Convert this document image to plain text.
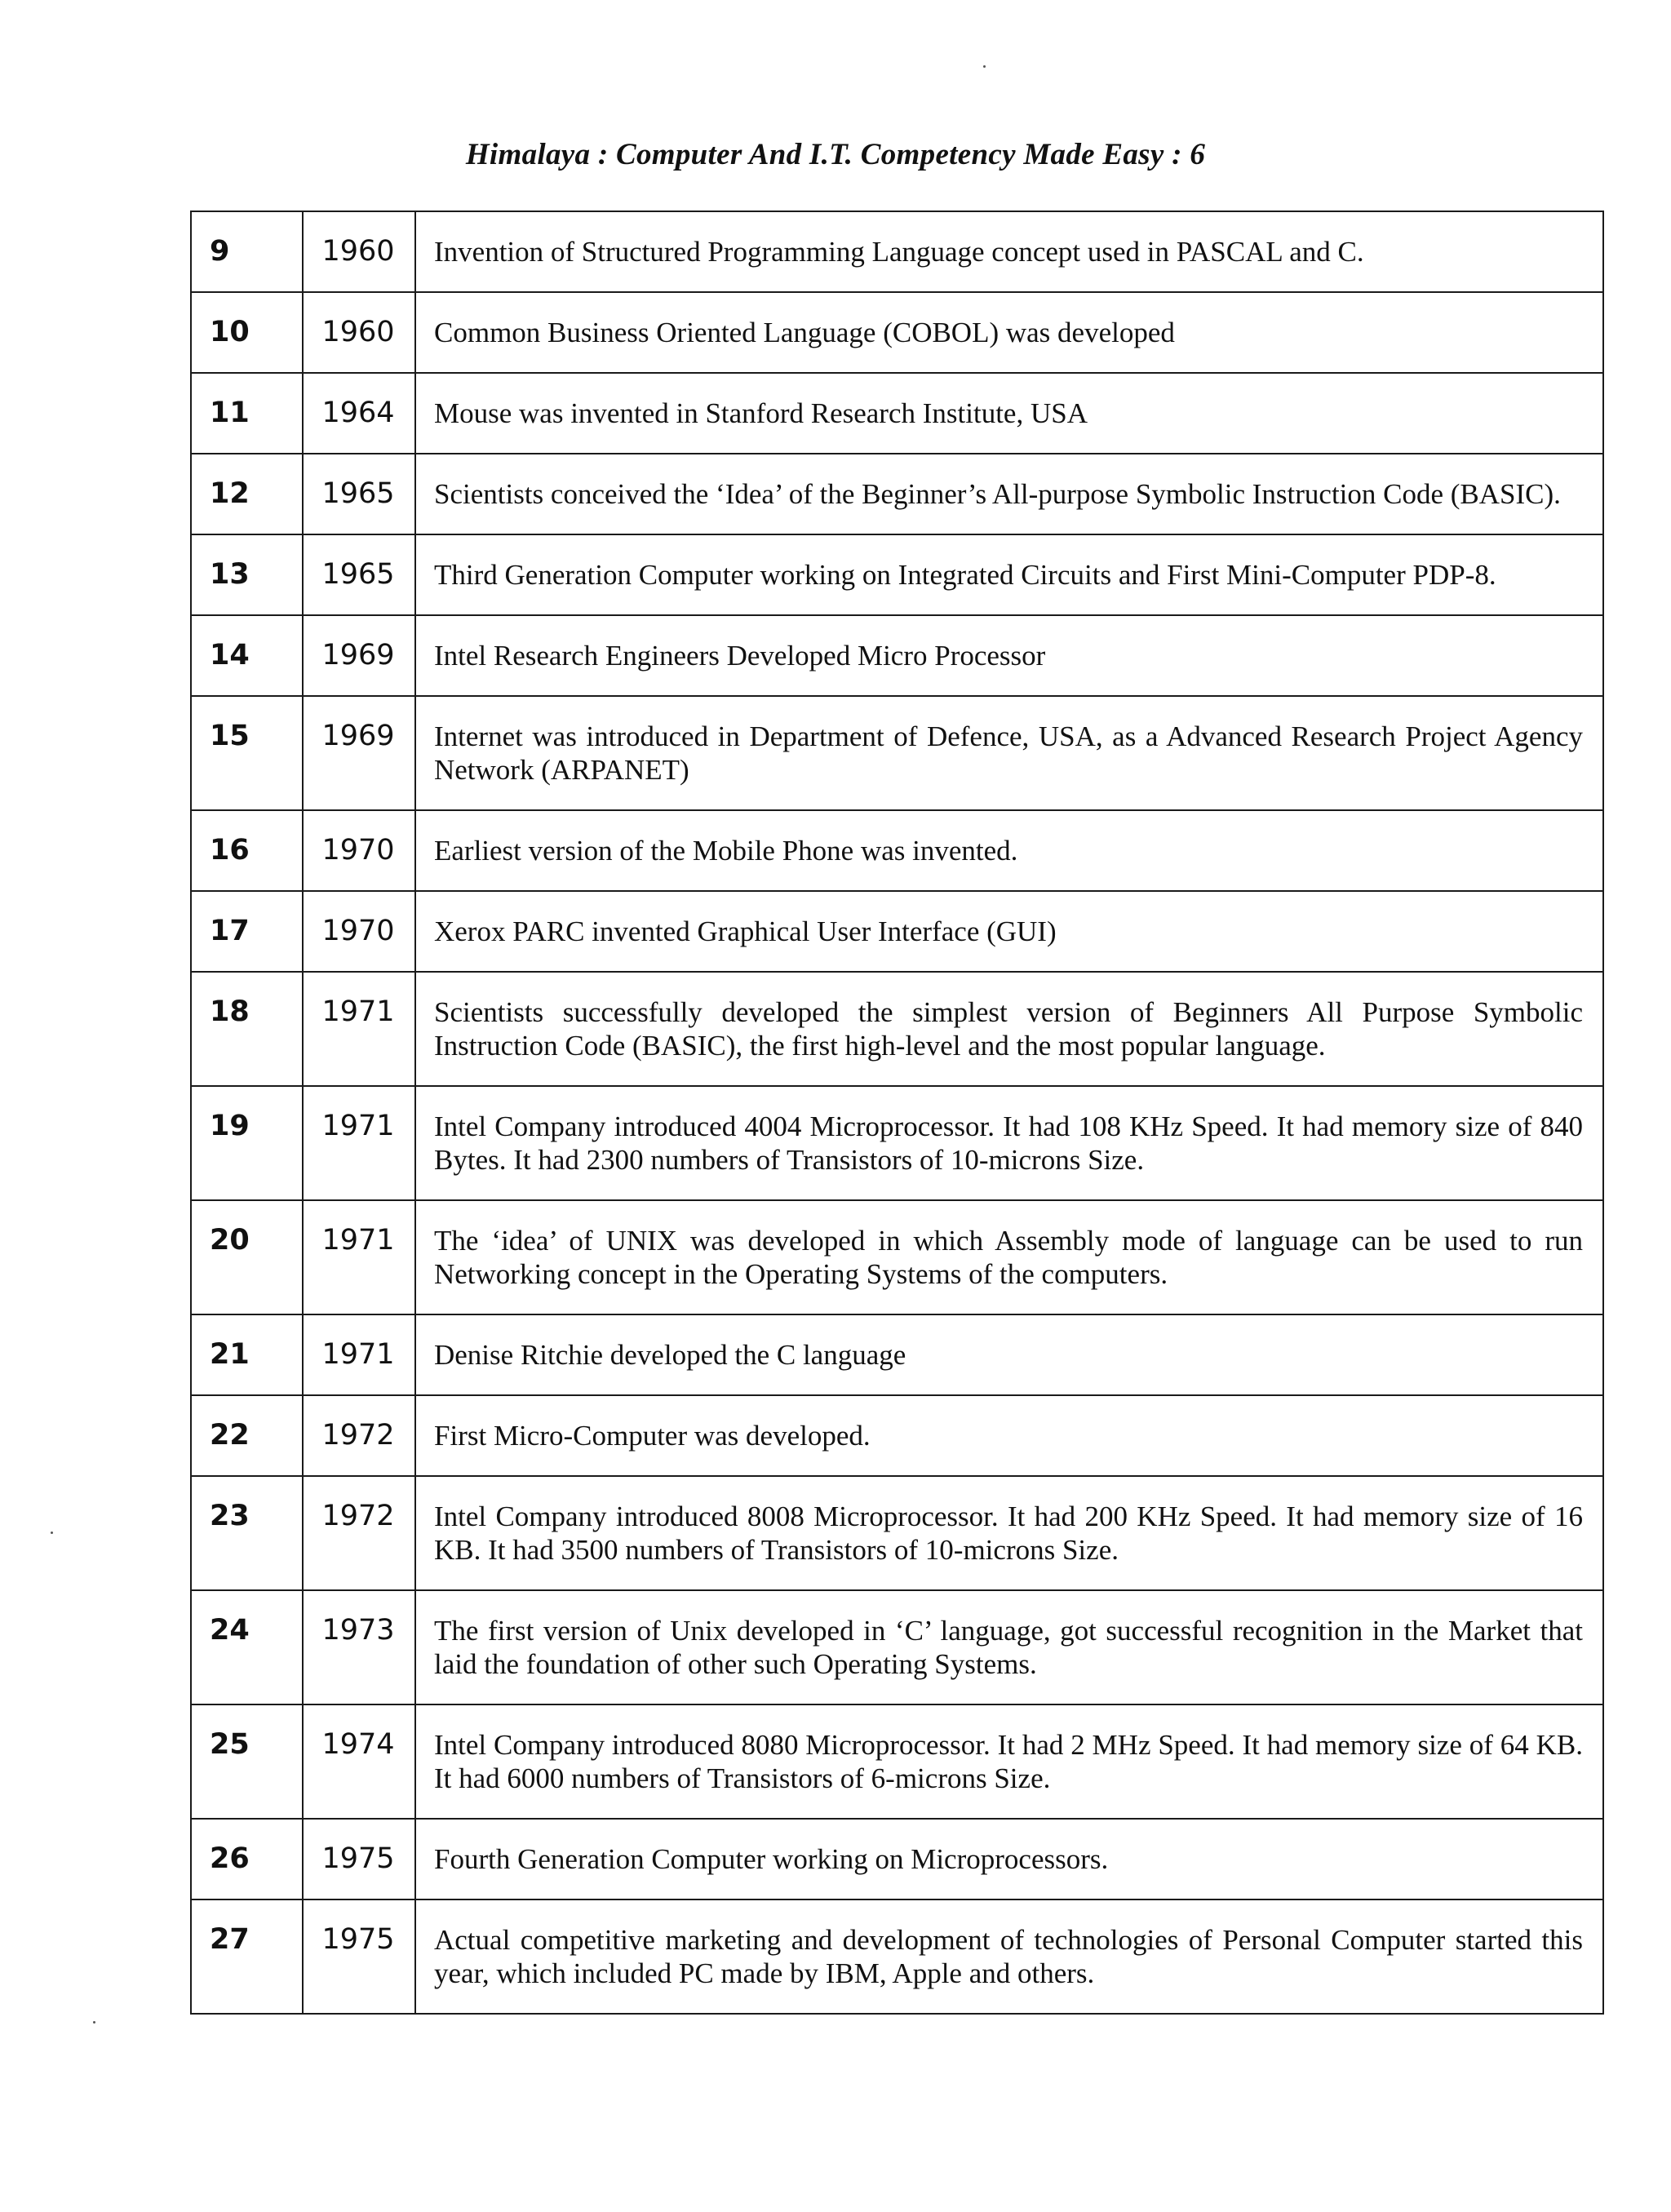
Himalaya : Computer And I.T. Competency Made Easy : 6
9	1960	Invention of Structured Programming Language concept used in PASCAL and C.
10	1960	Common Business Oriented Language (COBOL) was developed
11	1964	Mouse was invented in Stanford Research Institute, USA
12	1965	Scientists conceived the ‘Idea’ of the Beginner’s All-purpose Symbolic Instruction Code (BASIC).
13	1965	Third Generation Computer working on Integrated Circuits and First Mini-Computer PDP-8.
14	1969	Intel Research Engineers Developed Micro Processor
15	1969	Internet was introduced in Department of Defence, USA, as a Advanced Research Project Agency Network (ARPANET)
16	1970	Earliest version of the Mobile Phone was invented.
17	1970	Xerox PARC invented Graphical User Interface (GUI)
18	1971	Scientists successfully developed the simplest version of Beginners All Purpose Symbolic Instruction Code (BASIC), the first high-level and the most popular language.
19	1971	Intel Company introduced 4004 Microprocessor. It had 108 KHz Speed. It had memory size of 840 Bytes. It had 2300 numbers of Transistors of 10-microns Size.
20	1971	The ‘idea’ of UNIX was developed in which Assembly mode of language can be used to run Networking concept in the Operating Systems of the computers.
21	1971	Denise Ritchie developed the C language
22	1972	First Micro-Computer was developed.
23	1972	Intel Company introduced 8008 Microprocessor. It had 200 KHz Speed. It had memory size of 16 KB. It had 3500 numbers of Transistors of 10-microns Size.
24	1973	The first version of Unix developed in ‘C’ language, got successful recognition in the Market that laid the foundation of other such Operating Systems.
25	1974	Intel Company introduced 8080 Microprocessor. It had 2 MHz Speed. It had memory size of 64 KB. It had 6000 numbers of Transistors of 6-microns Size.
26	1975	Fourth Generation Computer working on Microprocessors.
27	1975	Actual competitive marketing and development of technologies of Personal Computer started this year, which included PC made by IBM, Apple and others.
